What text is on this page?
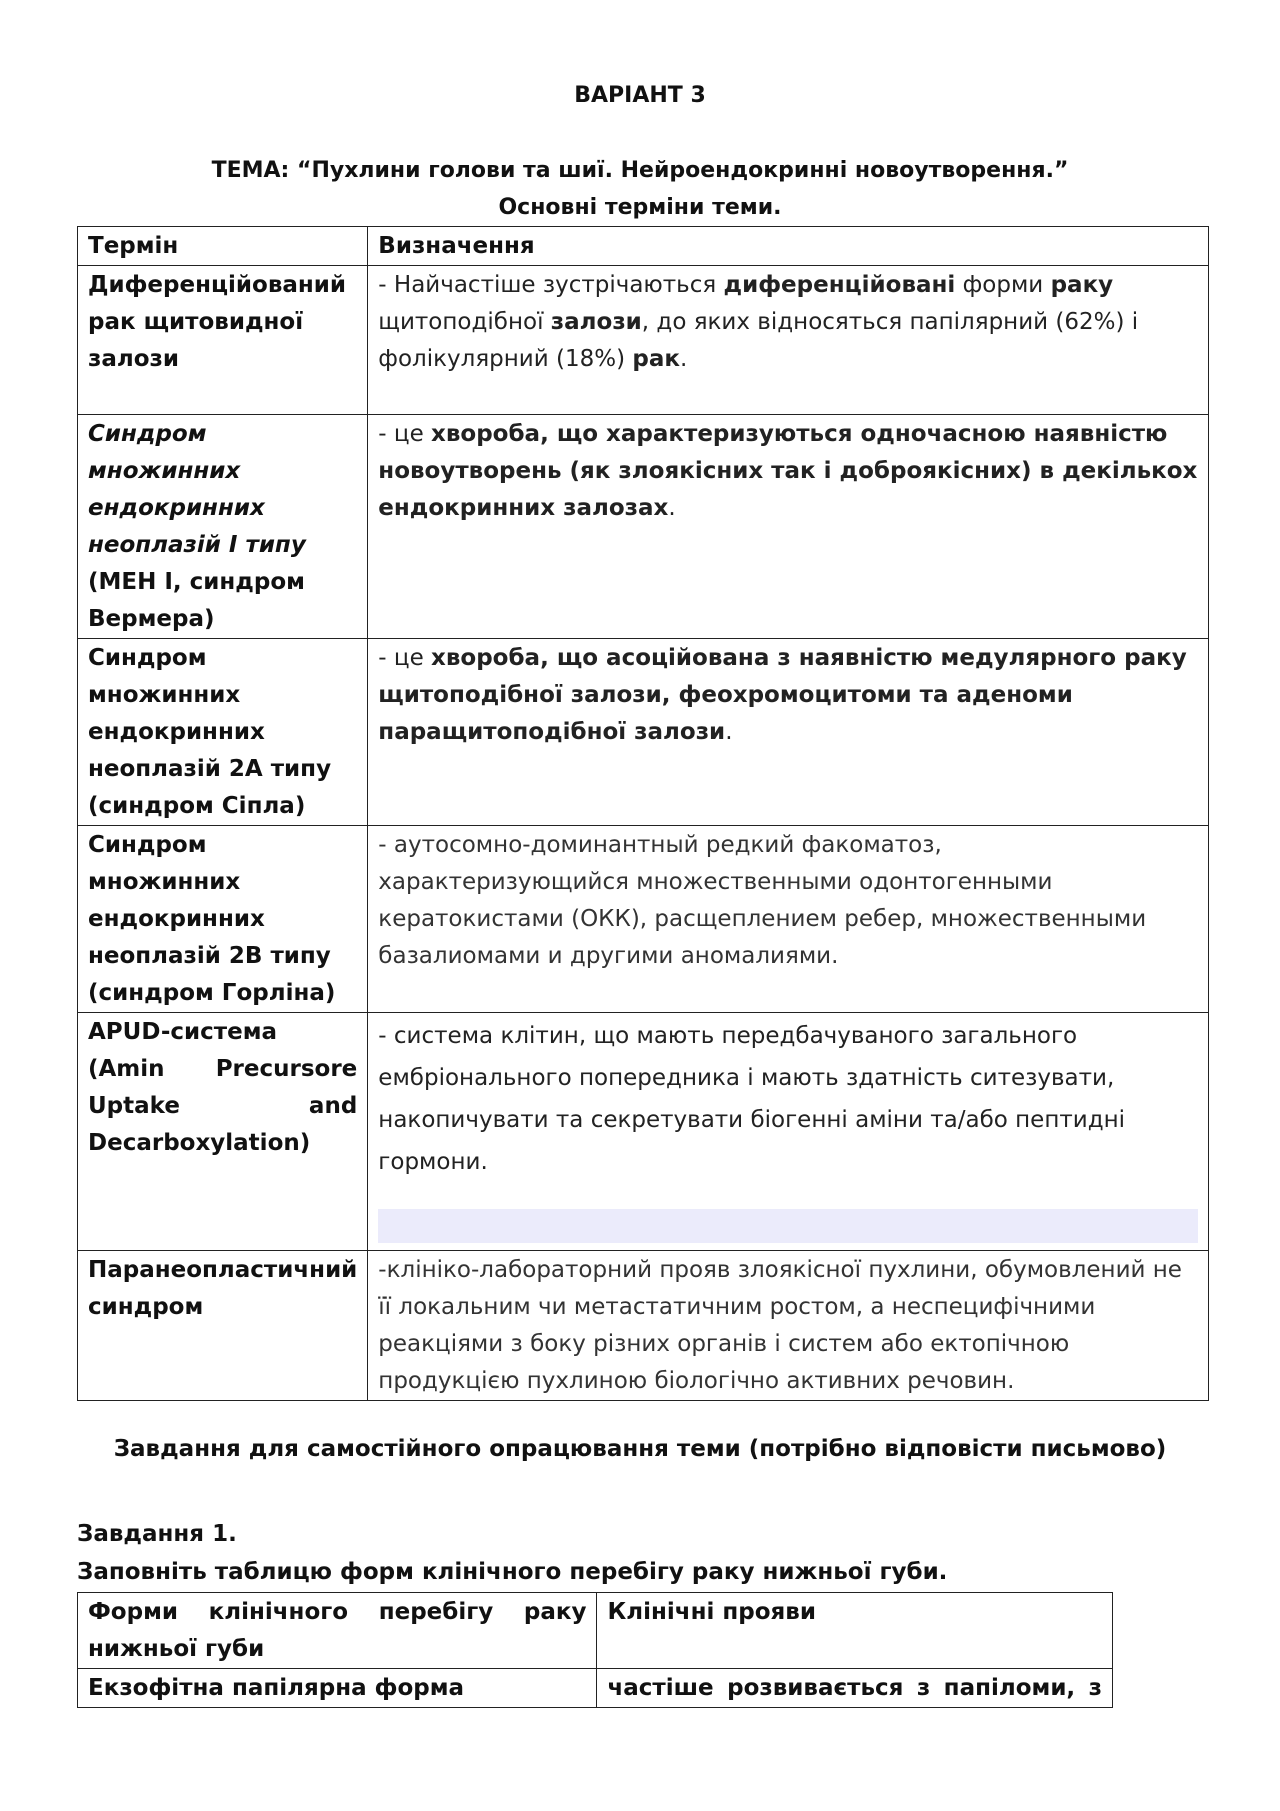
ВАРІАНТ 3
ТЕМА: “Пухлини голови та шиї. Нейроендокринні новоутворення.”
Основні терміни теми.
Термін	Визначення
Диференційований рак щитовидної залози	- Найчастіше зустрічаються диференційовані форми раку щитоподібної залози, до яких відносяться папілярний (62%) і фолікулярний (18%) рак.
Синдром множинних ендокринних неоплазій І типу (МЕН І, синдром Вермера)	- це хвороба, що характеризуються одночасною наявністю новоутворень (як злоякісних так і доброякісних) в декількох ендокринних залозах.
Синдром множинних ендокринних неоплазій 2А типу (синдром Сіпла)	- це хвороба, що асоційована з наявністю медулярного раку щитоподібної залози, феохромоцитоми та аденоми паращитоподібної залози.
Синдром множинних ендокринних неоплазій 2В типу (синдром Горліна)	- аутосомно-доминантный редкий факоматоз, характеризующийся множественными одонтогенными кератокистами (ОКК), расщеплением ребер, множественными базалиомами и другими аномалиями.
APUD-система (Amin Precursore Uptake and Decarboxylation)	- система клітин, що мають передбачуваного загального ембріонального попередника і мають здатність ситезувати, накопичувати та секретувати біогенні аміни та/або пептидні гормони.

Паранеопластичний синдром	-клініко-лабораторний прояв злоякісної пухлини, обумовлений не її локальним чи метастатичним ростом, а неспецифічними реакціями з боку різних органів і систем або ектопічною продукцією пухлиною біологічно активних речовин.
Завдання для самостійного опрацювання теми (потрібно відповісти письмово)
Завдання 1.
Заповніть таблицю форм клінічного перебігу раку нижньої губи.
Форми клінічного перебігу раку нижньої губи	Клінічні прояви
Екзофітна папілярна форма	частіше розвивається з папіломи, з
